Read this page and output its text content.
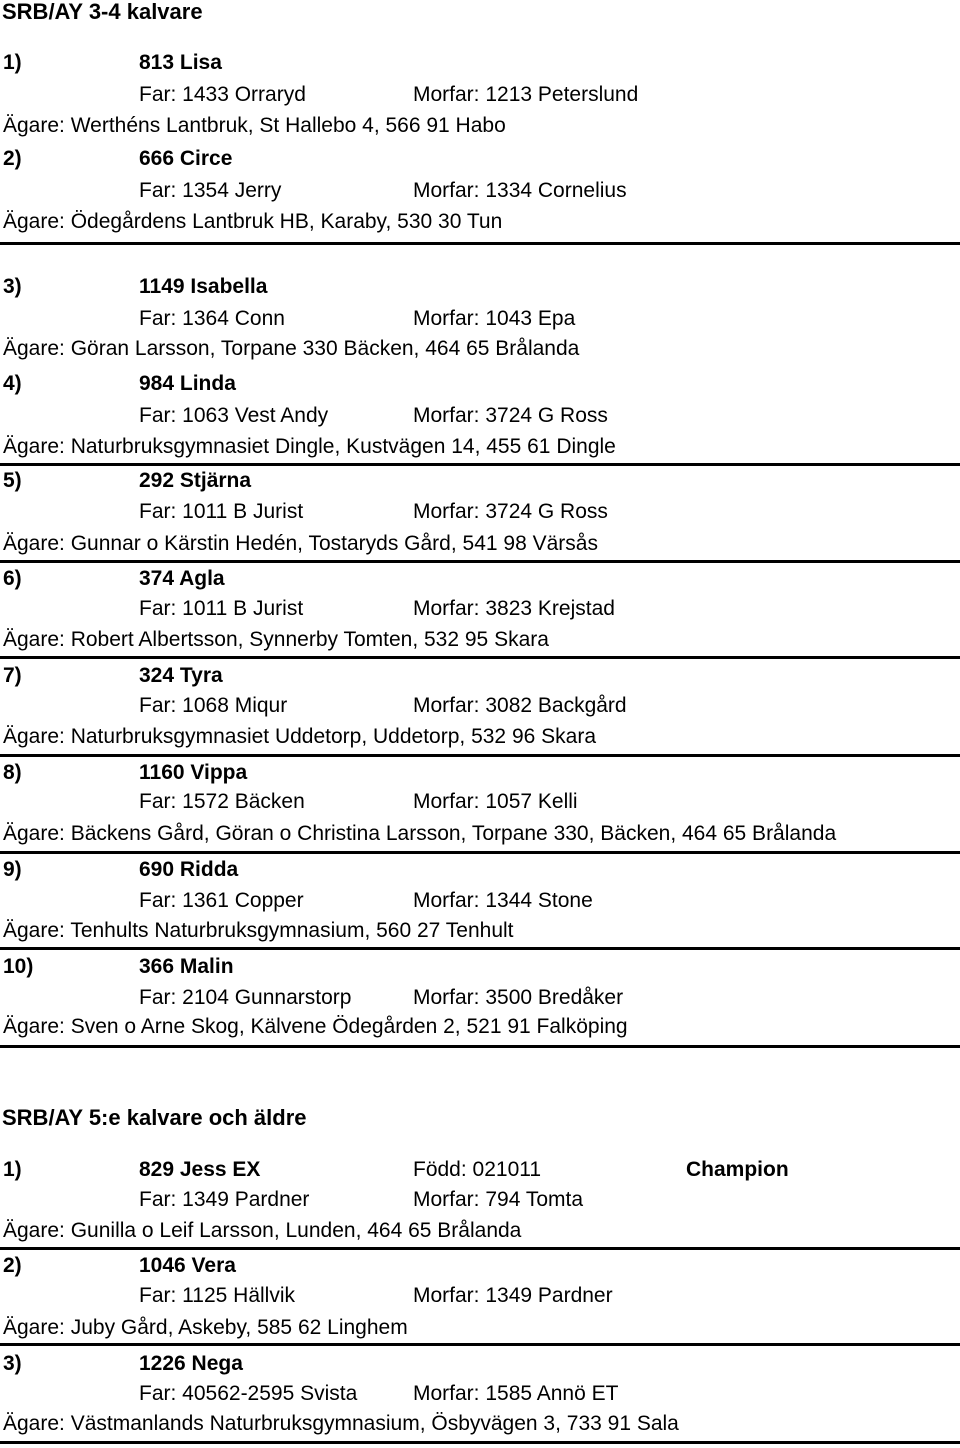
SRB/AY 3-4 kalvare
1)	813 Lisa
Far: 1433 Orraryd	Morfar: 1213 Peterslund
Ägare: Werthéns Lantbruk, St Hallebo 4, 566 91 Habo
2)	666 Circe
Far: 1354 Jerry	Morfar: 1334 Cornelius
Ägare: Ödegårdens Lantbruk HB, Karaby, 530 30 Tun
3)	1149 Isabella
Far: 1364 Conn	Morfar: 1043 Epa
Ägare: Göran Larsson, Torpane 330 Bäcken, 464 65 Brålanda
4)	984 Linda
Far: 1063 Vest Andy	Morfar: 3724 G Ross
Ägare: Naturbruksgymnasiet Dingle, Kustvägen 14, 455 61 Dingle
5)	292 Stjärna
Far: 1011 B Jurist	Morfar: 3724 G Ross
Ägare: Gunnar o Kärstin Hedén, Tostaryds Gård, 541 98 Värsås
6)	374 Agla
Far: 1011 B Jurist	Morfar: 3823 Krejstad
Ägare: Robert Albertsson, Synnerby Tomten, 532 95 Skara
7)	324 Tyra
Far: 1068 Miqur	Morfar: 3082 Backgård
Ägare: Naturbruksgymnasiet Uddetorp, Uddetorp, 532 96 Skara
8)	1160 Vippa
Far: 1572 Bäcken	Morfar: 1057 Kelli
Ägare: Bäckens Gård, Göran o Christina Larsson, Torpane 330, Bäcken, 464 65 Brålanda
9)	690 Ridda
Far: 1361 Copper	Morfar: 1344 Stone
Ägare: Tenhults Naturbruksgymnasium, 560 27 Tenhult
10)	366 Malin
Far: 2104 Gunnarstorp	Morfar: 3500 Bredåker
Ägare: Sven o Arne Skog, Kälvene Ödegården 2, 521 91 Falköping
SRB/AY 5:e kalvare och äldre
1)	829 Jess EX	Född: 021011	Champion
Far: 1349 Pardner	Morfar: 794 Tomta
Ägare: Gunilla o Leif Larsson, Lunden, 464 65 Brålanda
2)	1046 Vera
Far: 1125 Hällvik	Morfar: 1349 Pardner
Ägare: Juby Gård, Askeby, 585 62 Linghem
3)	1226 Nega
Far: 40562-2595 Svista	Morfar: 1585 Annö ET
Ägare: Västmanlands Naturbruksgymnasium, Ösbyvägen 3, 733 91 Sala
